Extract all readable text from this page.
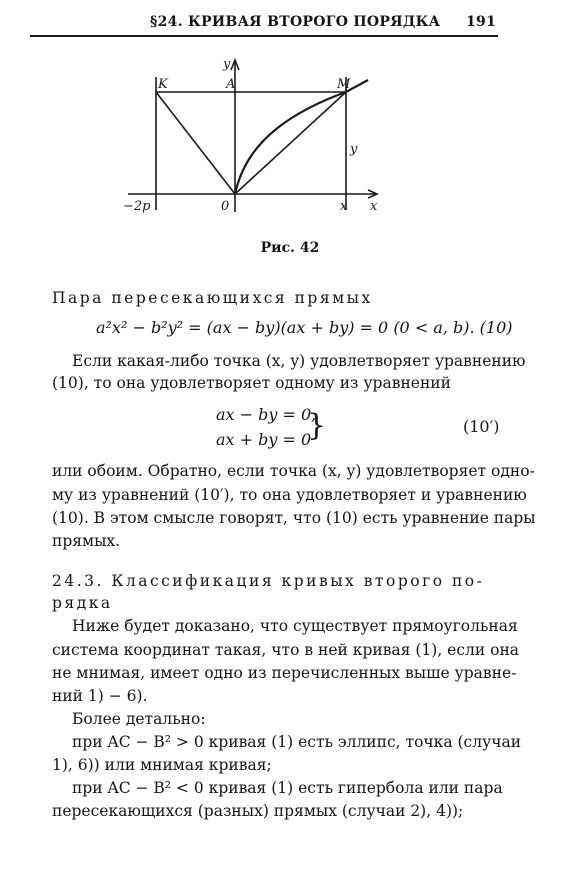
§24. КРИВАЯ ВТОРОГО ПОРЯДКА 191
K	A	M
y
y
−2p	0	x x
Рис. 42
Пара пересекающихся прямых
a²x² − b²y² = (ax − by)(ax + by) = 0 (0 < a, b). (10)
Если какая-либо точка (x, y) удовлетворяет уравнению
(10), то она удовлетворяет одному из уравнений
ax − by = 0,
ax + by = 0
}	(10′)
или обоим. Обратно, если точка (x, y) удовлетворяет одно-
му из уравнений (10′), то она удовлетворяет и уравнению
(10). В этом смысле говорят, что (10) есть уравнение пары
прямых.
24.3. Классификация кривых второго по-
рядка
Ниже будет доказано, что существует прямоугольная
система координат такая, что в ней кривая (1), если она
не мнимая, имеет одно из перечисленных выше уравне-
ний 1) − 6).
Более детально:
при AC − B² > 0 кривая (1) есть эллипс, точка (случаи
1), 6)) или мнимая кривая;
при AC − B² < 0 кривая (1) есть гипербола или пара
пересекающихся (разных) прямых (случаи 2), 4));
